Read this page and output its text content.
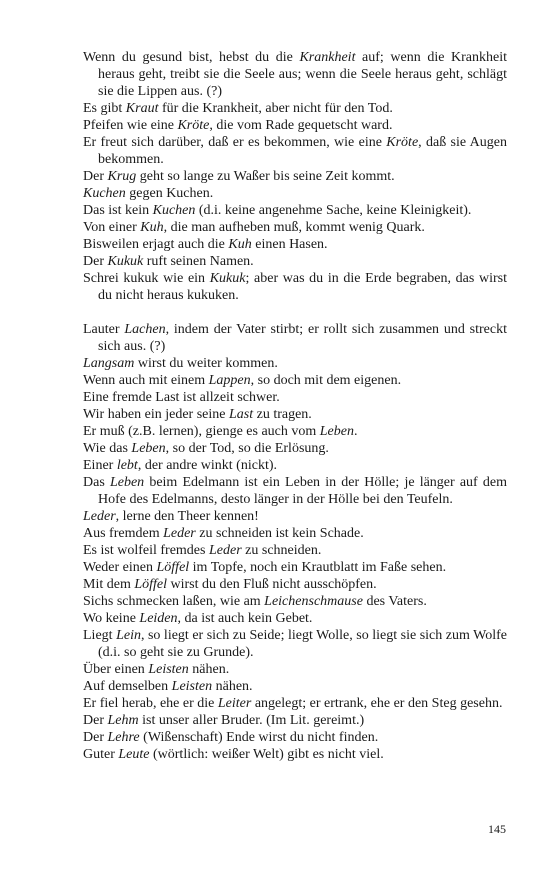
Wenn du gesund bist, hebst du die Krankheit auf; wenn die Krankheit heraus geht, treibt sie die Seele aus; wenn die Seele heraus geht, schlägt sie die Lippen aus. (?)

Es gibt Kraut für die Krankheit, aber nicht für den Tod.

Pfeifen wie eine Kröte, die vom Rade gequetscht ward.

Er freut sich darüber, daß er es bekommen, wie eine Kröte, daß sie Augen bekommen.

Der Krug geht so lange zu Waßer bis seine Zeit kommt.

Kuchen gegen Kuchen.

Das ist kein Kuchen (d.i. keine angenehme Sache, keine Kleinigkeit).

Von einer Kuh, die man aufheben muß, kommt wenig Quark.

Bisweilen erjagt auch die Kuh einen Hasen.

Der Kukuk ruft seinen Namen.

Schrei kukuk wie ein Kukuk; aber was du in die Erde begraben, das wirst du nicht heraus kukuken.

Lauter Lachen, indem der Vater stirbt; er rollt sich zusammen und streckt sich aus. (?)

Langsam wirst du weiter kommen.

Wenn auch mit einem Lappen, so doch mit dem eigenen.

Eine fremde Last ist allzeit schwer.

Wir haben ein jeder seine Last zu tragen.

Er muß (z.B. lernen), gienge es auch vom Leben.

Wie das Leben, so der Tod, so die Erlösung.

Einer lebt, der andre winkt (nickt).

Das Leben beim Edelmann ist ein Leben in der Hölle; je länger auf dem Hofe des Edelmanns, desto länger in der Hölle bei den Teufeln.

Leder, lerne den Theer kennen!

Aus fremdem Leder zu schneiden ist kein Schade.

Es ist wolfeil fremdes Leder zu schneiden.

Weder einen Löffel im Topfe, noch ein Krautblatt im Faße sehen.

Mit dem Löffel wirst du den Fluß nicht ausschöpfen.

Sichs schmecken laßen, wie am Leichenschmause des Vaters.

Wo keine Leiden, da ist auch kein Gebet.

Liegt Lein, so liegt er sich zu Seide; liegt Wolle, so liegt sie sich zum Wolfe (d.i. so geht sie zu Grunde).

Über einen Leisten nähen.

Auf demselben Leisten nähen.

Er fiel herab, ehe er die Leiter angelegt; er ertrank, ehe er den Steg gesehn.

Der Lehm ist unser aller Bruder. (Im Lit. gereimt.)

Der Lehre (Wißenschaft) Ende wirst du nicht finden.

Guter Leute (wörtlich: weißer Welt) gibt es nicht viel.

145
